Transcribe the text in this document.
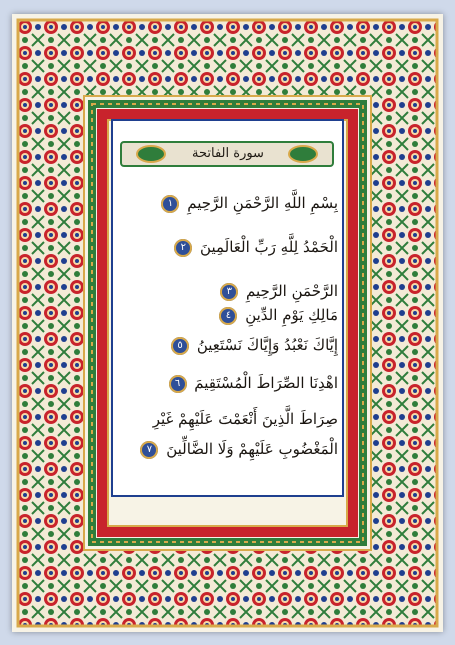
سورة الفاتحة
بِسْمِ اللَّهِ الرَّحْمَنِ الرَّحِيمِ ١
الْحَمْدُ لِلَّهِ رَبِّ الْعَالَمِينَ ٢
الرَّحْمَنِ الرَّحِيمِ ٣
مَالِكِ يَوْمِ الدِّينِ ٤
إِيَّاكَ نَعْبُدُ وَإِيَّاكَ نَسْتَعِينُ ٥
اهْدِنَا الصِّرَاطَ الْمُسْتَقِيمَ ٦
صِرَاطَ الَّذِينَ أَنْعَمْتَ عَلَيْهِمْ غَيْرِ الْمَغْضُوبِ عَلَيْهِمْ وَلَا الضَّالِّينَ ٧
